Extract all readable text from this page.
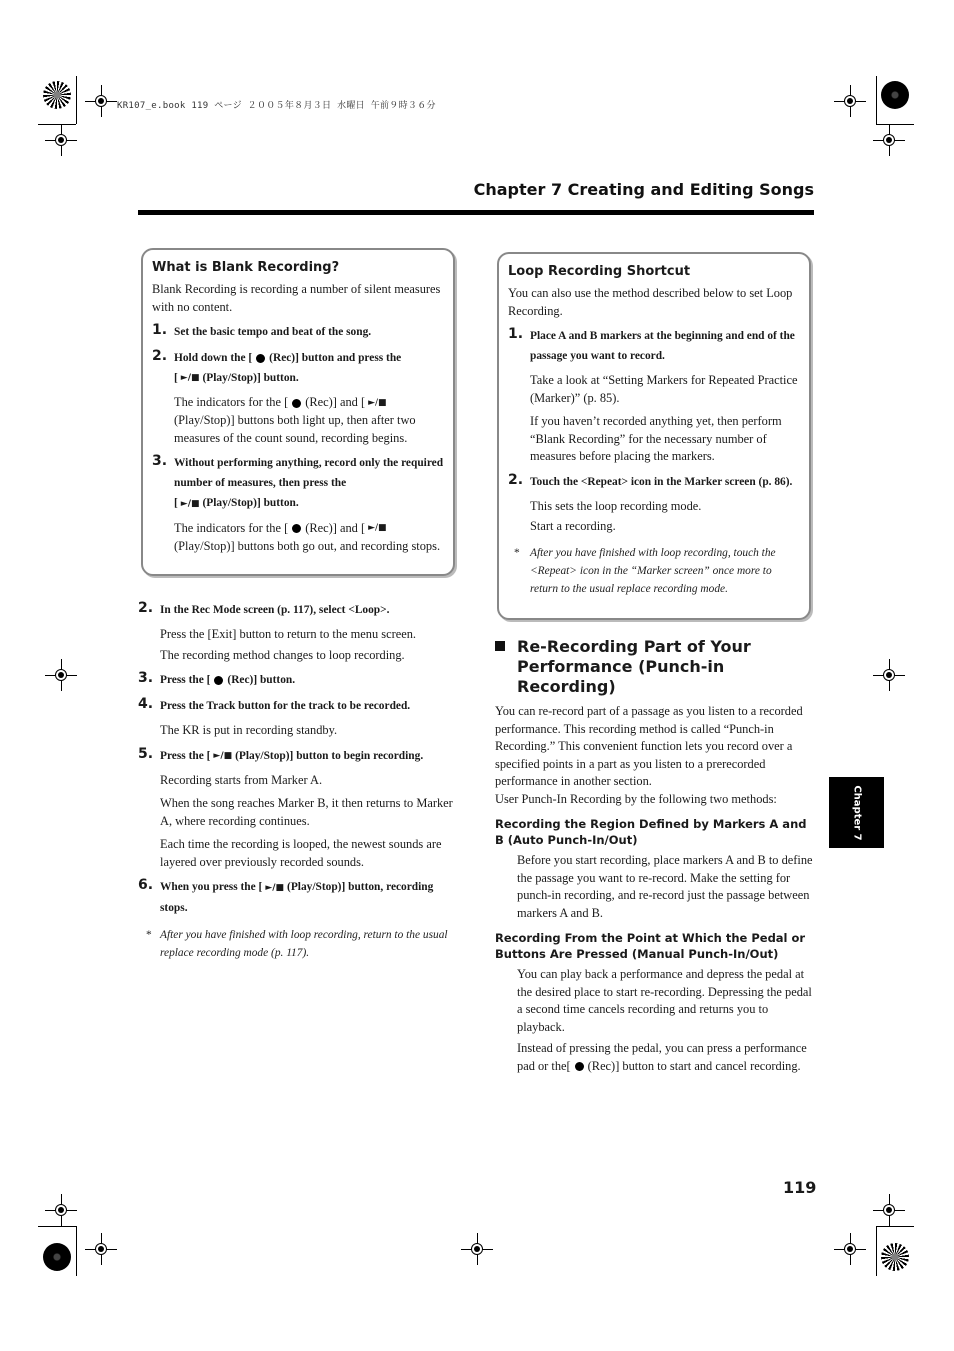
KR107_e.book 119 ページ ２００５年８月３日 水曜日 午前９時３６分
Chapter 7 Creating and Editing Songs
Chapter 7
What is Blank Recording?

Blank Recording is recording a number of silent measures with no content.

1. Set the basic tempo and beat of the song.
2. Hold down the [ (Rec)] button and press the
[ ►/■ (Play/Stop)] button.

The indicators for the [ (Rec)] and [ ►/■(Play/Stop)] buttons both light up, then after two measures of the count sound, recording begins.

3. Without performing anything, record only the required number of measures, then press the
[ ►/■ (Play/Stop)] button.

The indicators for the [ (Rec)] and [ ►/■(Play/Stop)] buttons both go out, and recording stops.

2. In the Rec Mode screen (p. 117), select <Loop>.

Press the [Exit] button to return to the menu screen.

The recording method changes to loop recording.

3. Press the [ (Rec)] button.
4. Press the Track button for the track to be recorded.

The KR is put in recording standby.

5. Press the [ ►/■ (Play/Stop)] button to begin recording.

Recording starts from Marker A.

When the song reaches Marker B, it then returns to Marker A, where recording continues.

Each time the recording is looped, the newest sounds are layered over previously recorded sounds.

6. When you press the [ ►/■ (Play/Stop)] button, recording stops.
* After you have finished with loop recording, return to the usual replace recording mode (p. 117).
Loop Recording Shortcut

You can also use the method described below to set Loop Recording.

1. Place A and B markers at the beginning and end of the passage you want to record.

Take a look at “Setting Markers for Repeated Practice (Marker)” (p. 85).

If you haven’t recorded anything yet, then perform “Blank Recording” for the necessary number of measures before placing the markers.

2. Touch the <Repeat> icon in the Marker screen (p. 86).

This sets the loop recording mode.

Start a recording.

* After you have finished with loop recording, touch the <Repeat> icon in the “Marker screen” once more to return to the usual replace recording mode.
Re-Recording Part of Your Performance (Punch-in Recording)

You can re-record part of a passage as you listen to a recorded performance. This recording method is called “Punch-in Recording.” This convenient function lets you record over a specified points in a part as you listen to a prerecorded performance in another section.

User Punch-In Recording by the following two methods:

Recording the Region Defined by Markers A and B (Auto Punch-In/Out)

Before you start recording, place markers A and B to define the passage you want to re-record. Make the setting for punch-in recording, and re-record just the passage between markers A and B.

Recording From the Point at Which the Pedal or Buttons Are Pressed (Manual Punch-In/Out)

You can play back a performance and depress the pedal at the desired place to start re-recording. Depressing the pedal a second time cancels recording and returns you to playback.

Instead of pressing the pedal, you can press a performance pad or the[ (Rec)] button to start and cancel recording.

119
